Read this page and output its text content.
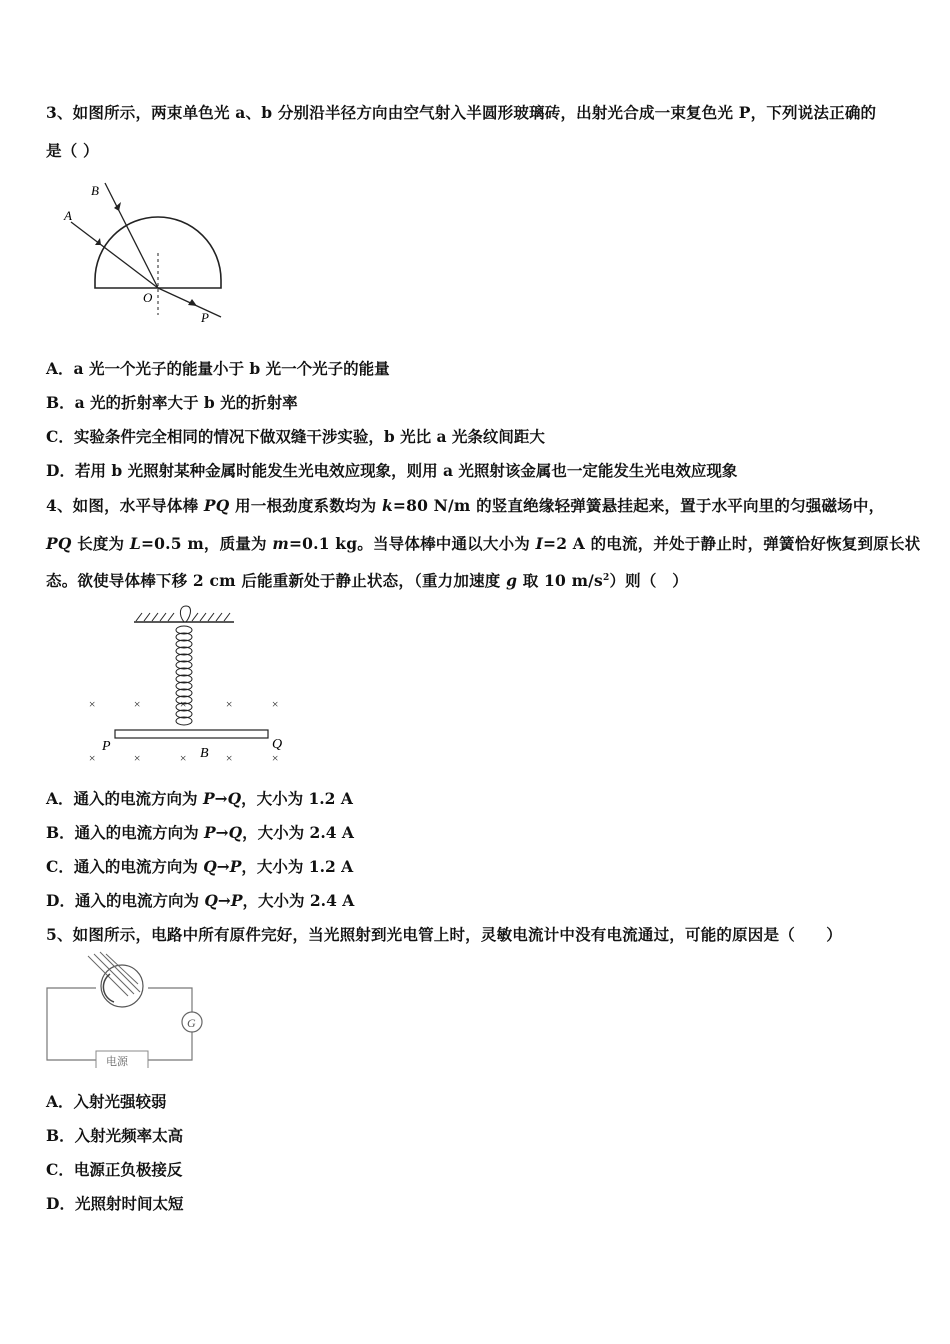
3、如图所示，两束单色光 a、b 分别沿半径方向由空气射入半圆形玻璃砖，出射光合成一束复色光 P，下列说法正确的
是（ ）
B
A
O
P
A．a 光一个光子的能量小于 b 光一个光子的能量
B．a 光的折射率大于 b 光的折射率
C．实验条件完全相同的情况下做双缝干涉实验，b 光比 a 光条纹间距大
D．若用 b 光照射某种金属时能发生光电效应现象，则用 a 光照射该金属也一定能发生光电效应现象
4、如图，水平导体棒 PQ 用一根劲度系数均为 k=80 N/m 的竖直绝缘轻弹簧悬挂起来，置于水平向里的匀强磁场中，
PQ 长度为 L=0.5 m，质量为 m=0.1 kg。当导体棒中通以大小为 I=2 A 的电流，并处于静止时，弹簧恰好恢复到原长状
态。欲使导体棒下移 2 cm 后能重新处于静止状态，（重力加速度 g 取 10 $m/s^2$）则（　）
×	×	×	×	×
×	×	×	×	×
P	Q
B
A．通入的电流方向为 P→Q，大小为 1.2 A
B．通入的电流方向为 P→Q，大小为 2.4 A
C．通入的电流方向为 Q→P，大小为 1.2 A
D．通入的电流方向为 Q→P，大小为 2.4 A
5、如图所示，电路中所有原件完好，当光照射到光电管上时，灵敏电流计中没有电流通过，可能的原因是（　　）
G
电源
A．入射光强较弱
B．入射光频率太高
C．电源正负极接反
D．光照射时间太短
